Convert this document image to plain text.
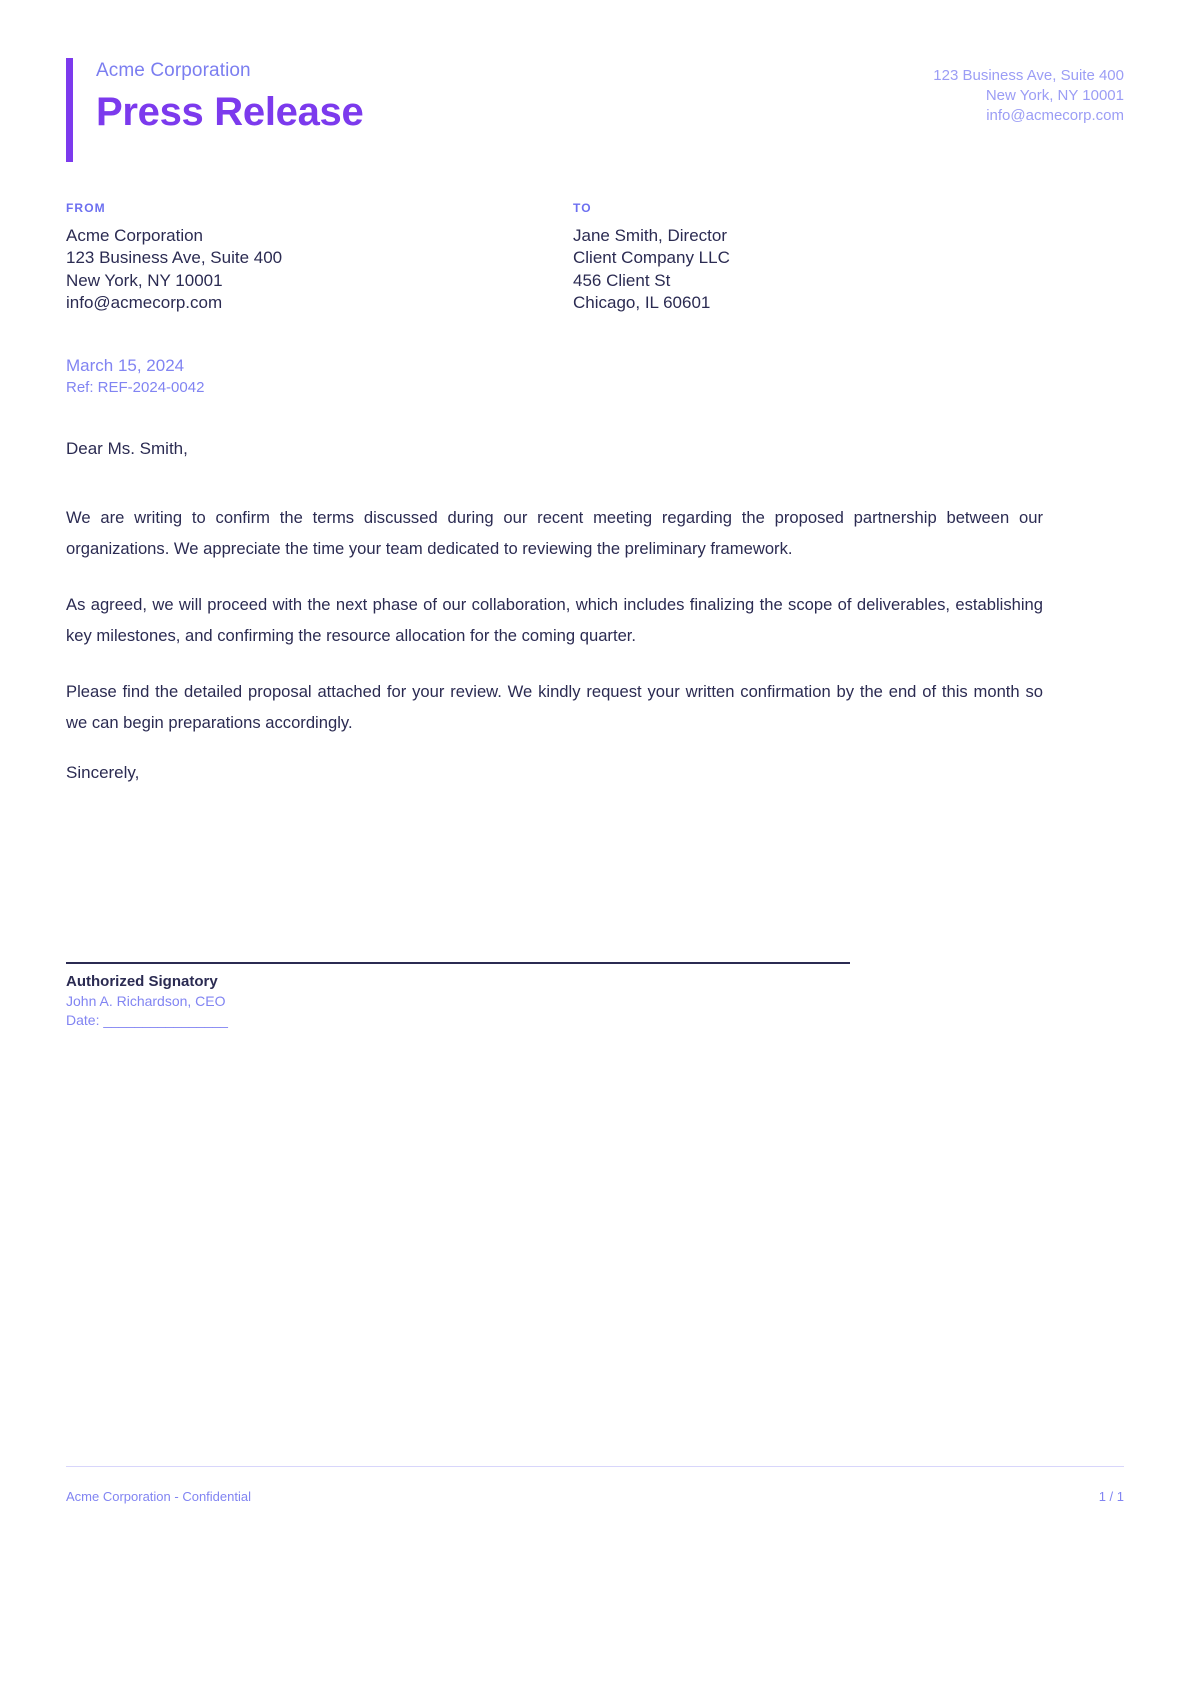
Acme Corporation
Press Release
123 Business Ave, Suite 400
New York, NY 10001
info@acmecorp.com
FROM
Acme Corporation
123 Business Ave, Suite 400
New York, NY 10001
info@acmecorp.com
TO
Jane Smith, Director
Client Company LLC
456 Client St
Chicago, IL 60601
March 15, 2024
Ref: REF-2024-0042
Dear Ms. Smith,

We are writing to confirm the terms discussed during our recent meeting regarding the proposed partnership between our organizations. We appreciate the time your team dedicated to reviewing the preliminary framework.

As agreed, we will proceed with the next phase of our collaboration, which includes finalizing the scope of deliverables, establishing key milestones, and confirming the resource allocation for the coming quarter.

Please find the detailed proposal attached for your review. We kindly request your written confirmation by the end of this month so we can begin preparations accordingly.

Sincerely,
Authorized Signatory
John A. Richardson, CEO
Date: ________________
Acme Corporation - Confidential	1 / 1
